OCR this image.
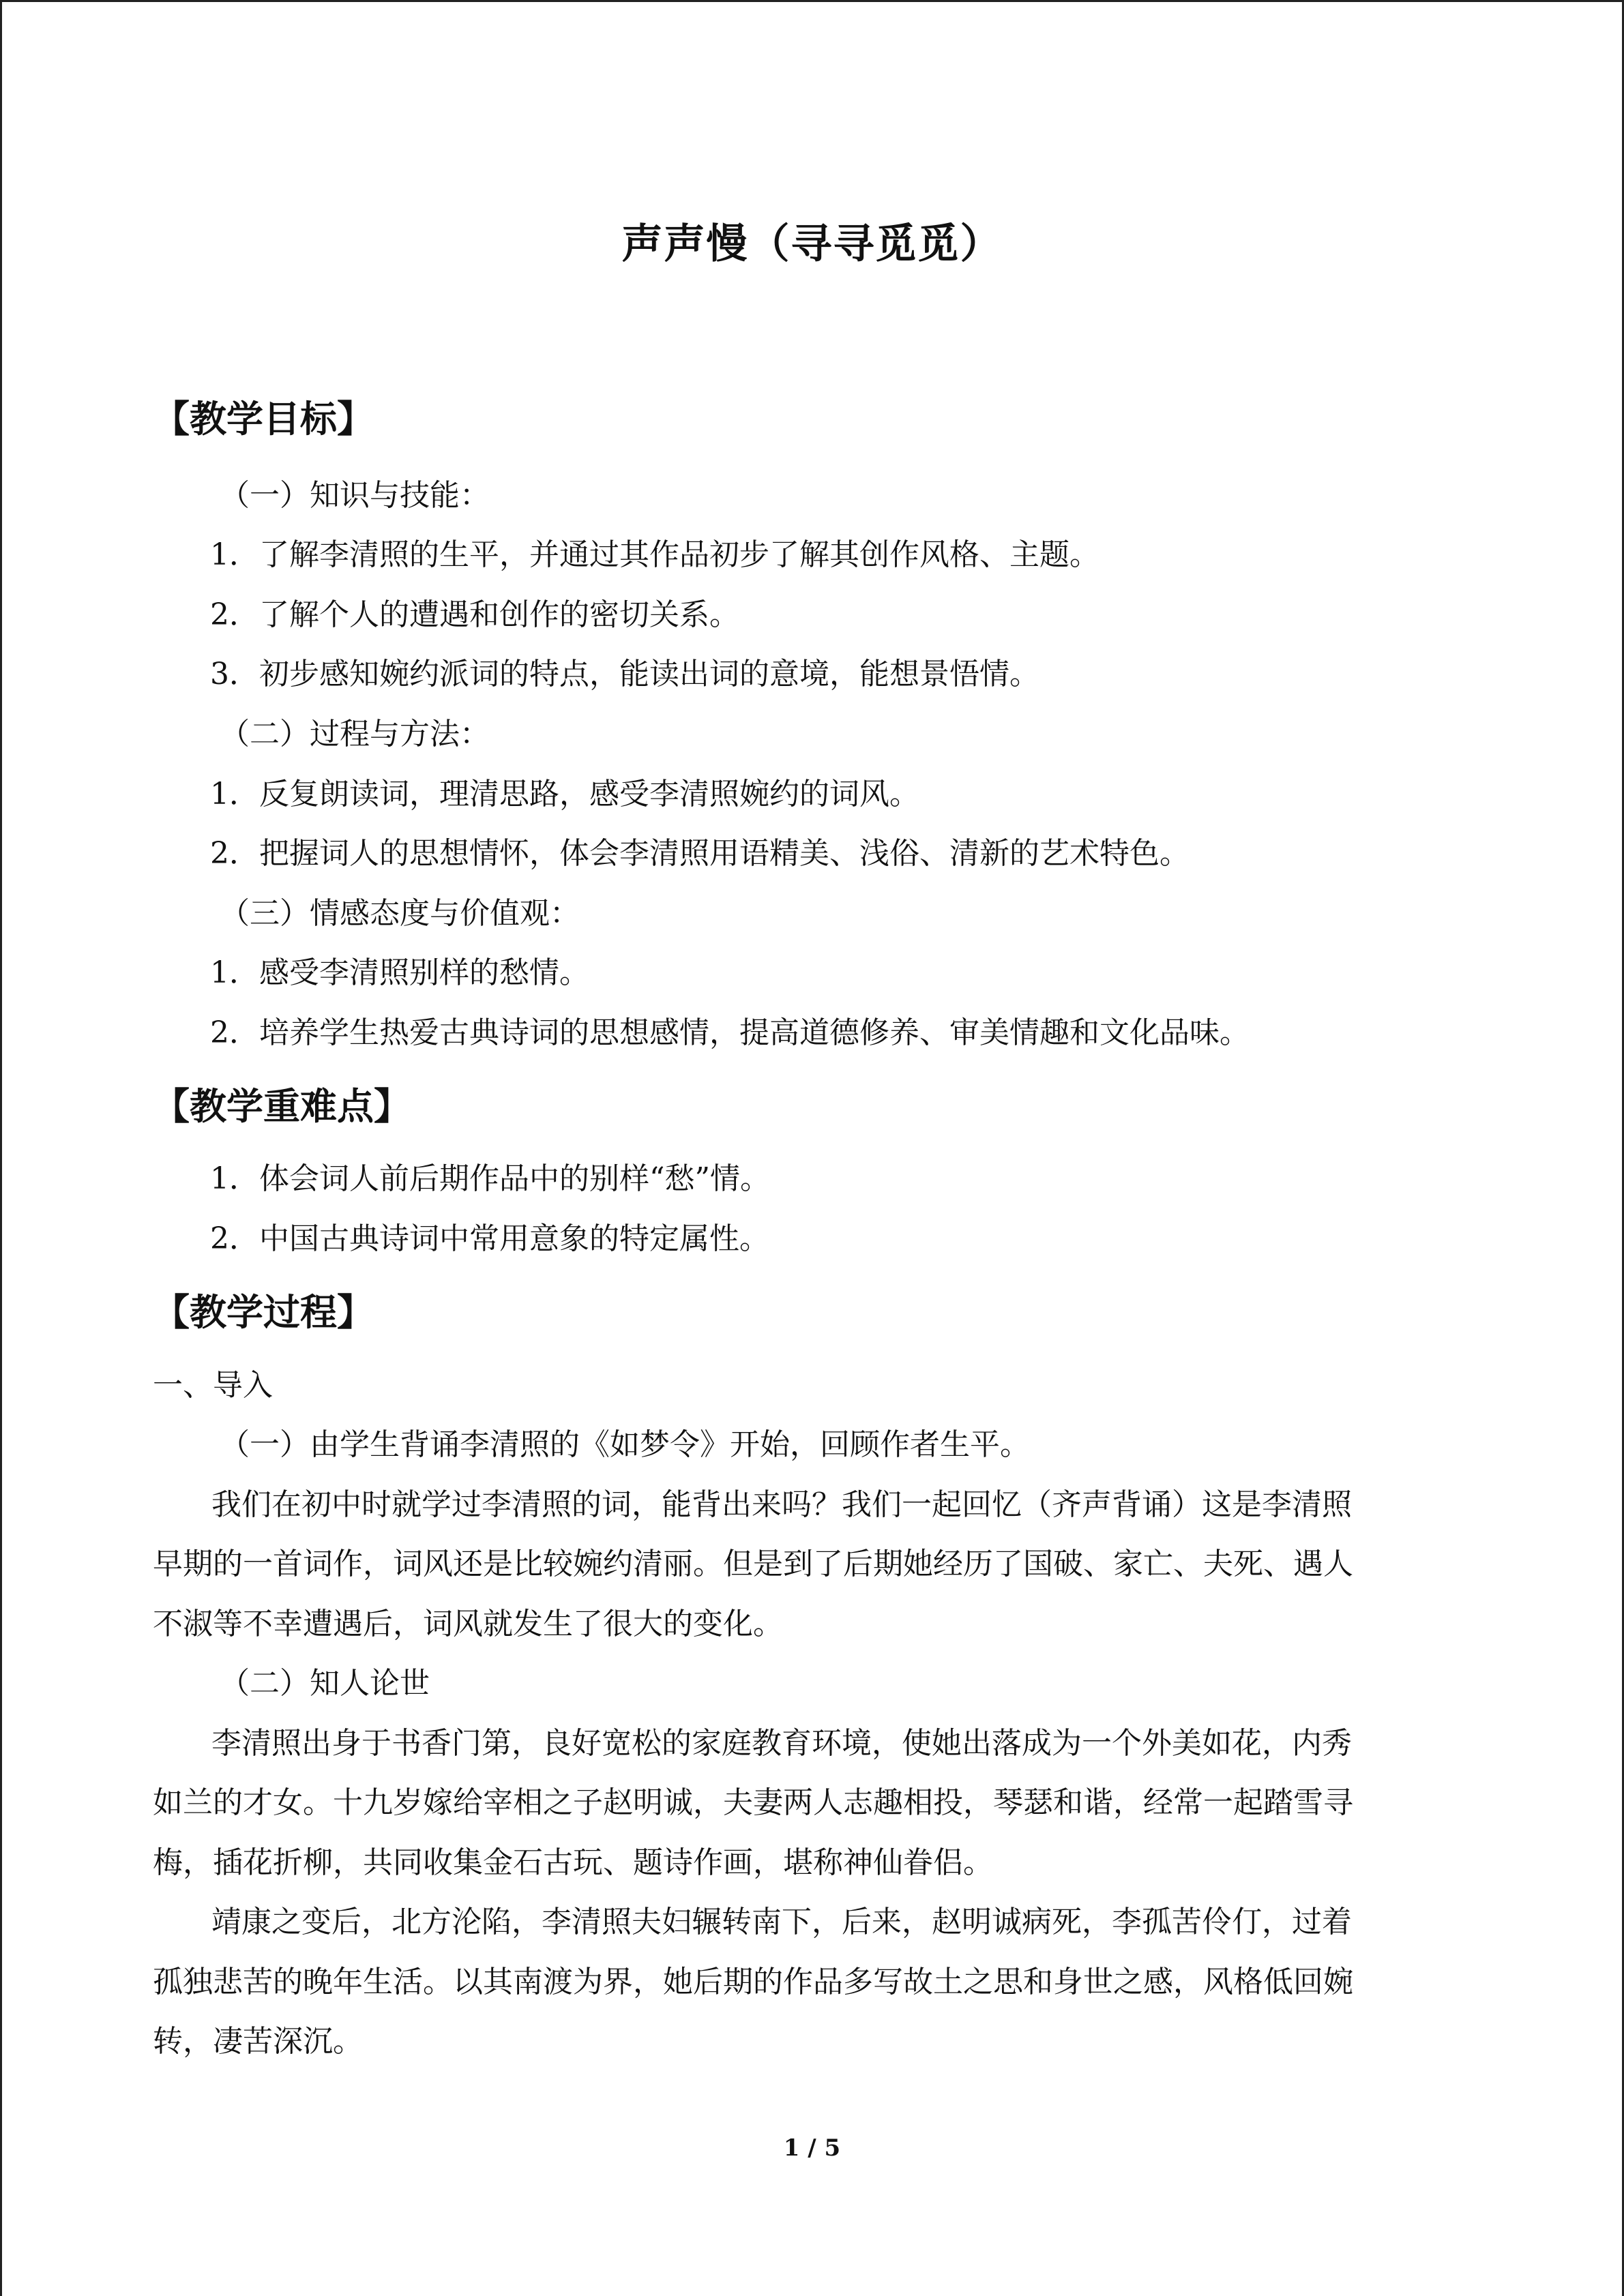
声声慢（寻寻觅觅）
【教学目标】
（一）知识与技能：
1．了解李清照的生平，并通过其作品初步了解其创作风格、主题。
2．了解个人的遭遇和创作的密切关系。
3．初步感知婉约派词的特点，能读出词的意境，能想景悟情。
（二）过程与方法：
1．反复朗读词，理清思路，感受李清照婉约的词风。
2．把握词人的思想情怀，体会李清照用语精美、浅俗、清新的艺术特色。
（三）情感态度与价值观：
1．感受李清照别样的愁情。
2．培养学生热爱古典诗词的思想感情，提高道德修养、审美情趣和文化品味。
【教学重难点】
1．体会词人前后期作品中的别样“愁”情。
2．中国古典诗词中常用意象的特定属性。
【教学过程】
一、导入
（一）由学生背诵李清照的《如梦令》开始，回顾作者生平。
我们在初中时就学过李清照的词，能背出来吗？我们一起回忆（齐声背诵）这是李清照
早期的一首词作，词风还是比较婉约清丽。但是到了后期她经历了国破、家亡、夫死、遇人
不淑等不幸遭遇后，词风就发生了很大的变化。
（二）知人论世
李清照出身于书香门第，良好宽松的家庭教育环境，使她出落成为一个外美如花，内秀
如兰的才女。十九岁嫁给宰相之子赵明诚，夫妻两人志趣相投，琴瑟和谐，经常一起踏雪寻
梅，插花折柳，共同收集金石古玩、题诗作画，堪称神仙眷侣。
靖康之变后，北方沦陷，李清照夫妇辗转南下，后来，赵明诚病死，李孤苦伶仃，过着
孤独悲苦的晚年生活。以其南渡为界，她后期的作品多写故土之思和身世之感，风格低回婉
转，凄苦深沉。
1 / 5
